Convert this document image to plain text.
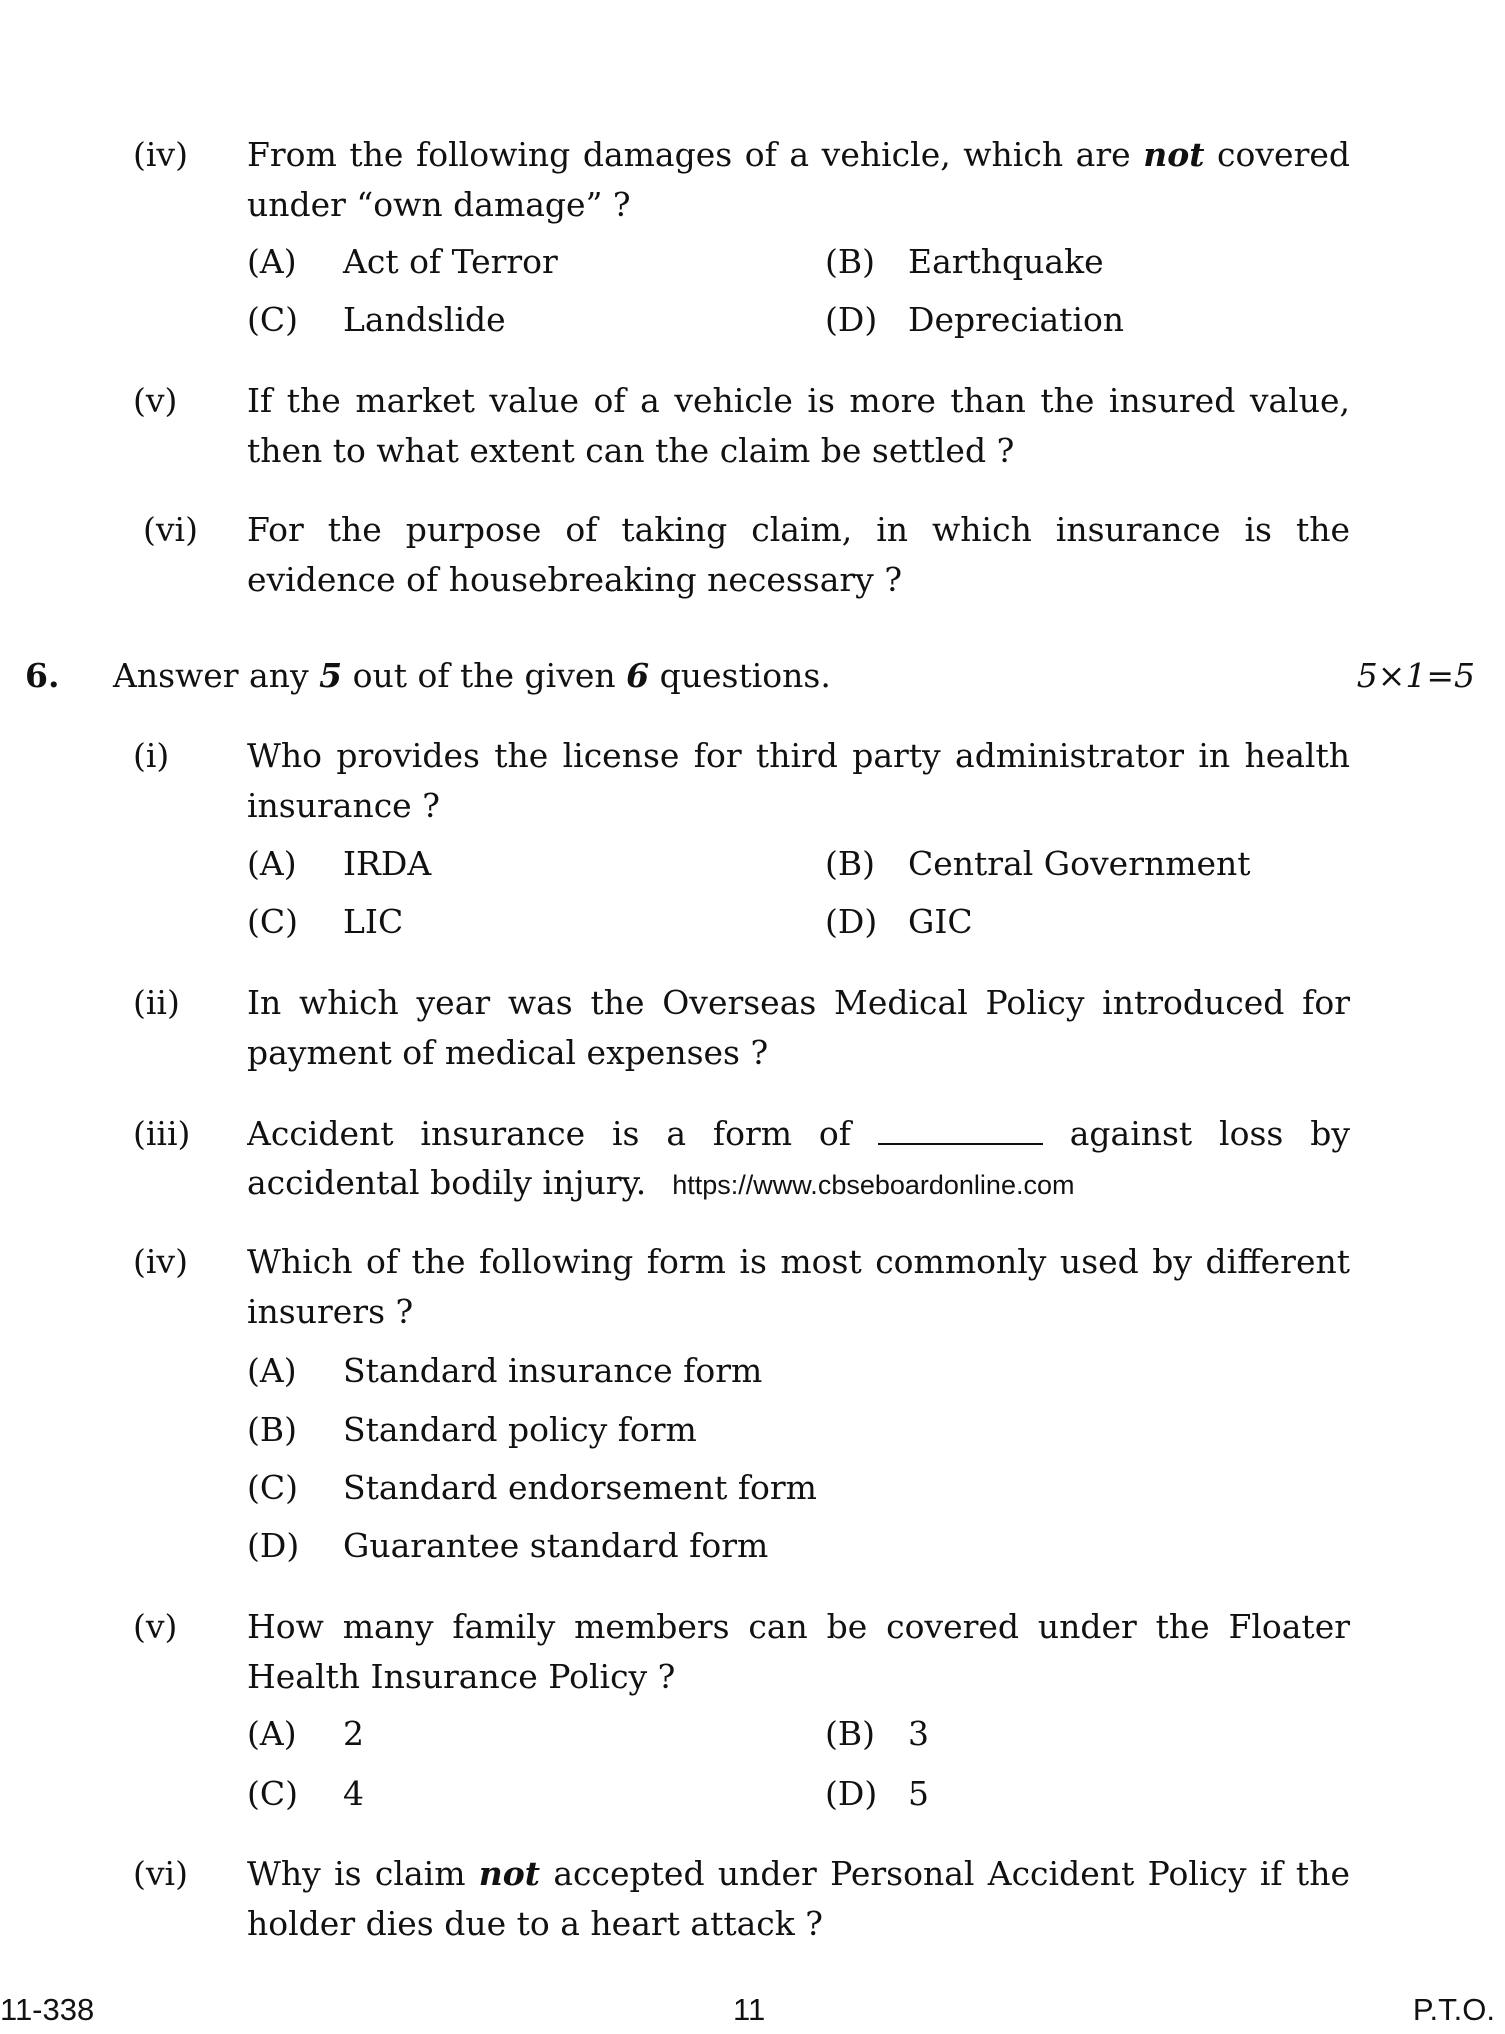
(iv) From the following damages of a vehicle, which are not covered under “own damage” ?
(A) Act of Terror	(B) Earthquake
(C) Landslide	(D) Depreciation
(v) If the market value of a vehicle is more than the insured value, then to what extent can the claim be settled ?
(vi) For the purpose of taking claim, in which insurance is the evidence of housebreaking necessary ?
6. Answer any 5 out of the given 6 questions.	5×1=5
(i) Who provides the license for third party administrator in health insurance ?
(A) IRDA	(B) Central Government
(C) LIC	(D) GIC
(ii) In which year was the Overseas Medical Policy introduced for payment of medical expenses ?
(iii) Accident insurance is a form of	against loss by
accidental bodily injury. https://www.cbseboardonline.com
(iv) Which of the following form is most commonly used by different insurers ?
(A) Standard insurance form
(B) Standard policy form
(C) Standard endorsement form
(D) Guarantee standard form
(v) How many family members can be covered under the Floater Health Insurance Policy ?
(A) 2	(B) 3
(C) 4	(D) 5
(vi) Why is claim not accepted under Personal Accident Policy if the holder dies due to a heart attack ?
11-338	11	P.T.O.
